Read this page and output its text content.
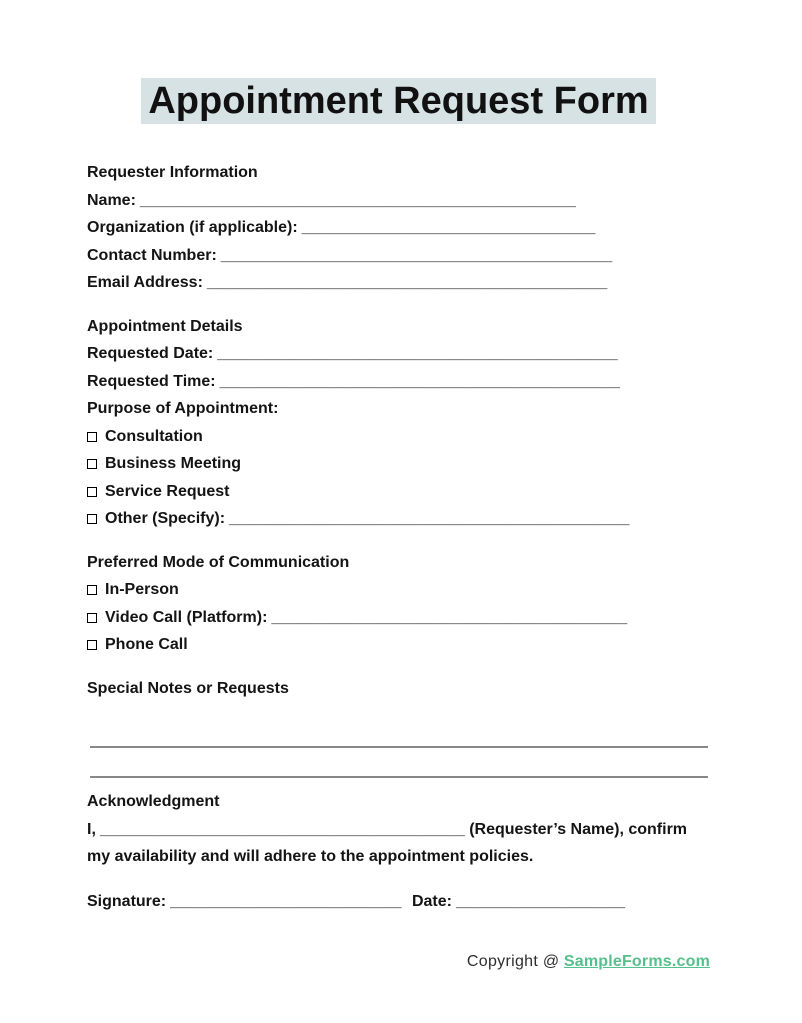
Appointment Request Form
Requester Information
Name: _________________________________________________
Organization (if applicable): _________________________________
Contact Number: ____________________________________________
Email Address: _____________________________________________
Appointment Details
Requested Date: _____________________________________________
Requested Time: _____________________________________________
Purpose of Appointment:
Consultation
Business Meeting
Service Request
Other (Specify): _____________________________________________
Preferred Mode of Communication
In-Person
Video Call (Platform): ________________________________________
Phone Call
Special Notes or Requests
Acknowledgment
I, _________________________________________ (Requester’s Name), confirm my availability and will adhere to the appointment policies.
Signature: __________________________ Date: ___________________
Copyright @ SampleForms.com
